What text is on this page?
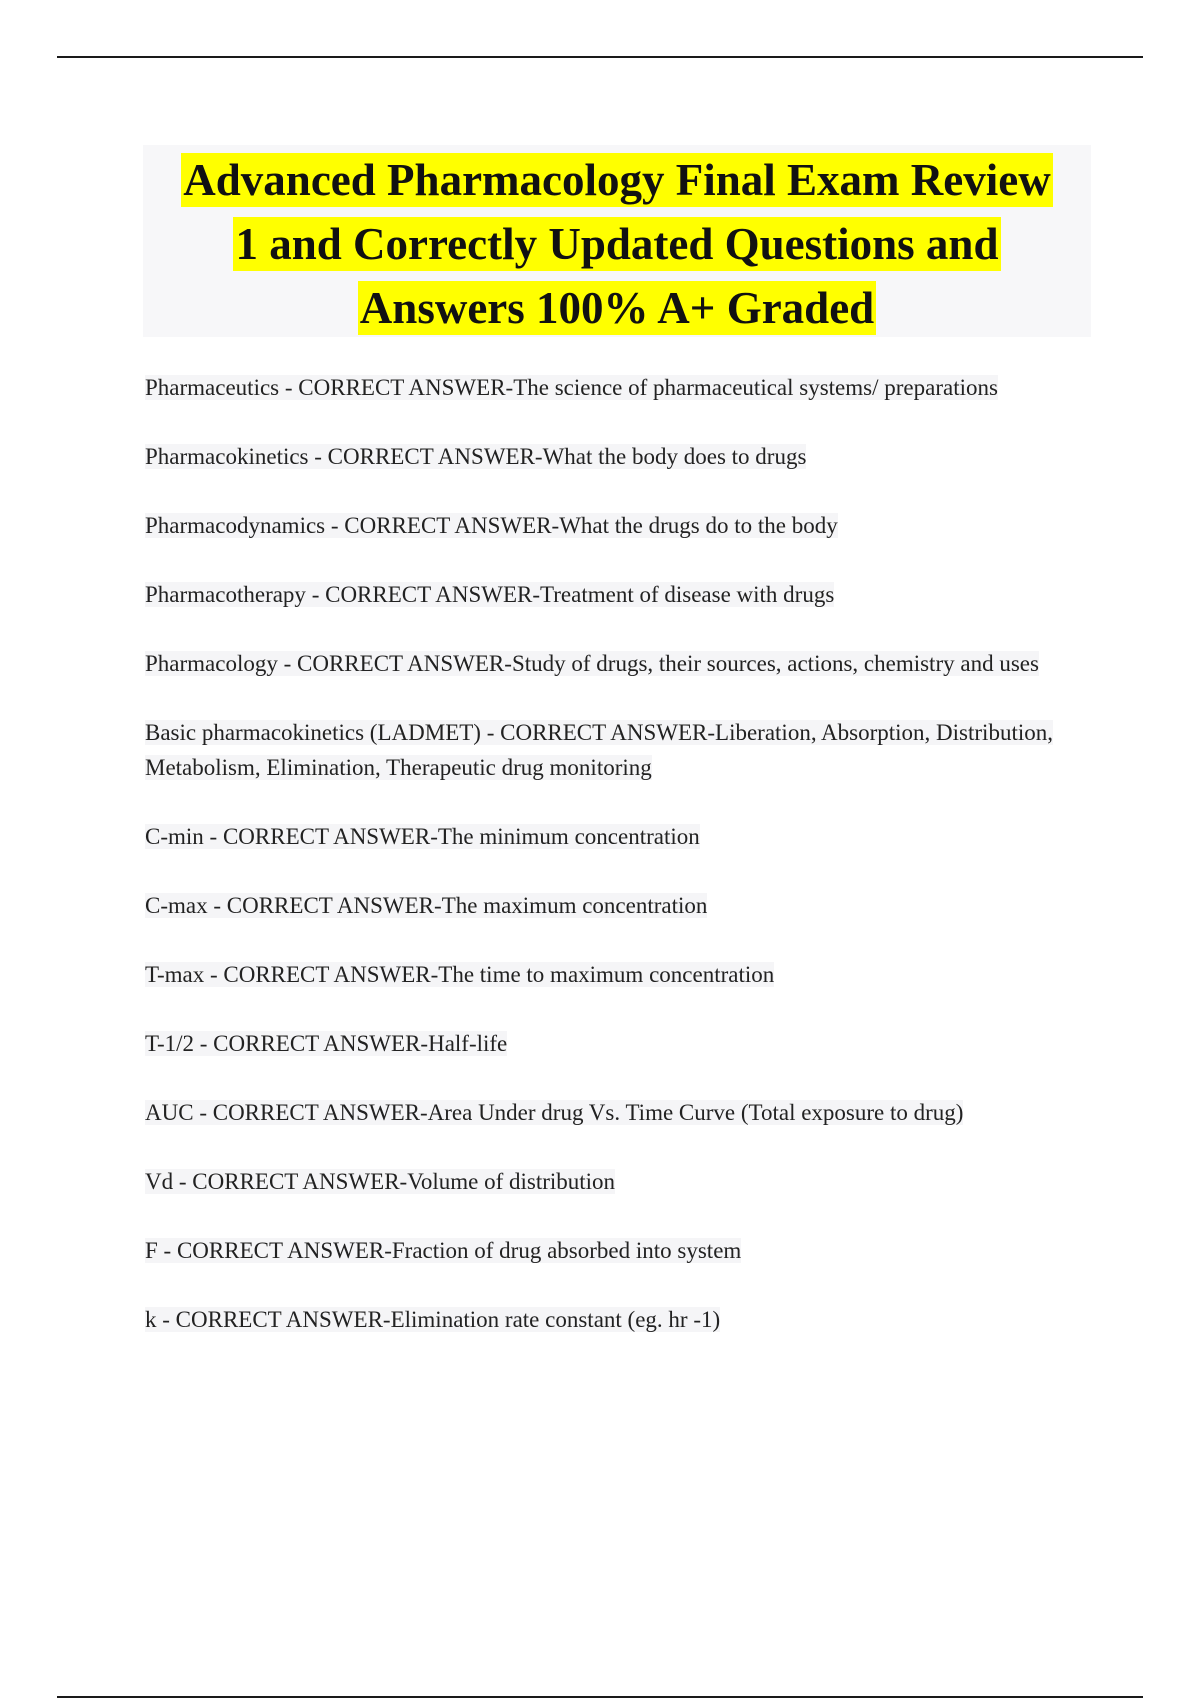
Advanced Pharmacology Final Exam Review
1 and Correctly Updated Questions and
Answers 100% A+ Graded

Pharmaceutics - CORRECT ANSWER-The science of pharmaceutical systems/ preparations

Pharmacokinetics - CORRECT ANSWER-What the body does to drugs

Pharmacodynamics - CORRECT ANSWER-What the drugs do to the body

Pharmacotherapy - CORRECT ANSWER-Treatment of disease with drugs

Pharmacology - CORRECT ANSWER-Study of drugs, their sources, actions, chemistry and uses

Basic pharmacokinetics (LADMET) - CORRECT ANSWER-Liberation, Absorption, Distribution, Metabolism, Elimination, Therapeutic drug monitoring

C-min - CORRECT ANSWER-The minimum concentration

C-max - CORRECT ANSWER-The maximum concentration

T-max - CORRECT ANSWER-The time to maximum concentration

T-1/2 - CORRECT ANSWER-Half-life

AUC - CORRECT ANSWER-Area Under drug Vs. Time Curve (Total exposure to drug)

Vd - CORRECT ANSWER-Volume of distribution

F - CORRECT ANSWER-Fraction of drug absorbed into system

k - CORRECT ANSWER-Elimination rate constant (eg. hr -1)
